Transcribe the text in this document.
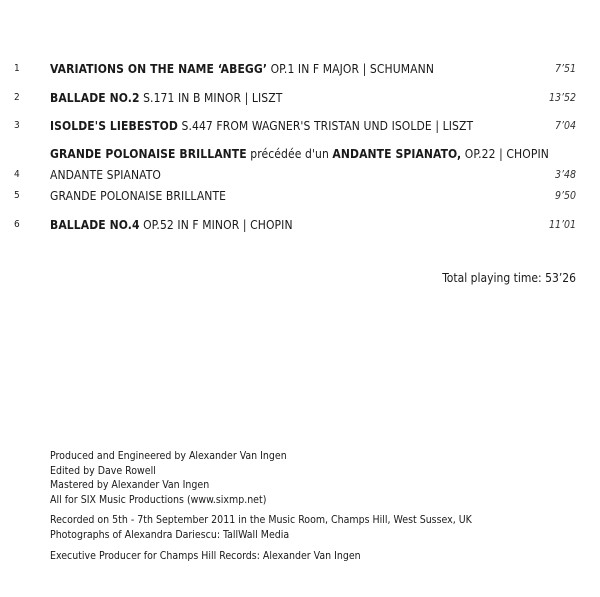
1	VARIATIONS ON THE NAME ‘ABEGG’ OP.1 IN F MAJOR | SCHUMANN	7’51
2	BALLADE NO.2 S.171 IN B MINOR | LISZT	13’52
3	ISOLDE'S LIEBESTOD S.447 FROM WAGNER'S TRISTAN UND ISOLDE | LISZT	7’04
GRANDE POLONAISE BRILLANTE précédée d'un ANDANTE SPIANATO, OP.22 | CHOPIN
4	ANDANTE SPIANATO	3’48
5	GRANDE POLONAISE BRILLANTE	9’50
6	BALLADE NO.4 OP.52 IN F MINOR | CHOPIN	11’01
Total playing time: 53’26
Produced and Engineered by Alexander Van Ingen
Edited by Dave Rowell
Mastered by Alexander Van Ingen
All for SIX Music Productions (www.sixmp.net)
Recorded on 5th - 7th September 2011 in the Music Room, Champs Hill, West Sussex, UK
Photographs of Alexandra Dariescu: TallWall Media
Executive Producer for Champs Hill Records: Alexander Van Ingen
